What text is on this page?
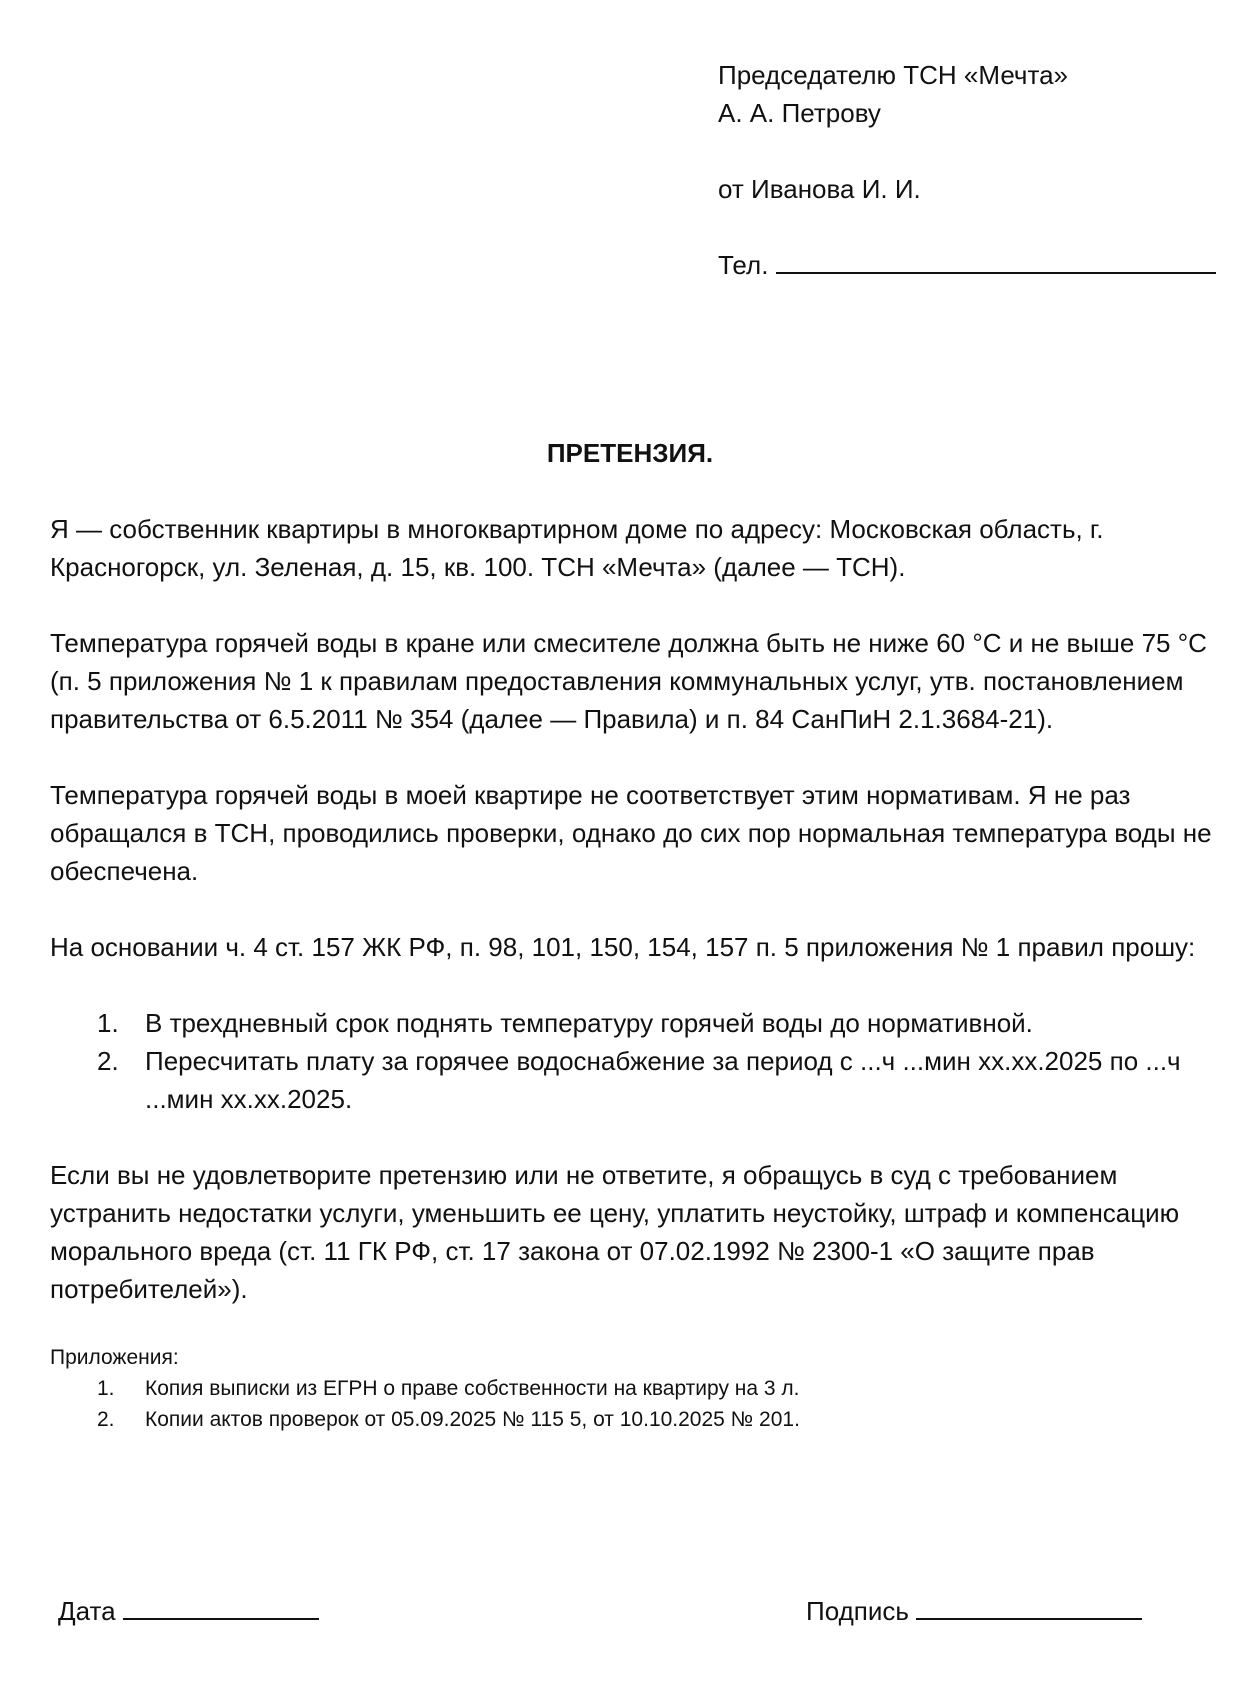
Председателю ТСН «Мечта»

А. А. Петрову

от Иванова И. И.

Тел.

ПРЕТЕНЗИЯ.

Я — собственник квартиры в многоквартирном доме по адресу: Московская область, г. Красногорск, ул. Зеленая, д. 15, кв. 100. ТСН «Мечта» (далее — ТСН).

Температура горячей воды в кране или смесителе должна быть не ниже 60 °C и не выше 75 °C (п. 5 приложения № 1 к правилам предоставления коммунальных услуг, утв. постановлением правительства от 6.5.2011 № 354 (далее — Правила) и п. 84 СанПиН 2.1.3684-21).

Температура горячей воды в моей квартире не соответствует этим нормативам. Я не раз обращался в ТСН, проводились проверки, однако до сих пор нормальная температура воды не обеспечена.

На основании ч. 4 ст. 157 ЖК РФ, п. 98, 101, 150, 154, 157 п. 5 приложения № 1 правил прошу:

1. В трехдневный срок поднять температуру горячей воды до нормативной.
2. Пересчитать плату за горячее водоснабжение за период с ...ч ...мин хх.хх.2025 по ...ч ...мин хх.хх.2025.

Если вы не удовлетворите претензию или не ответите, я обращусь в суд с требованием устранить недостатки услуги, уменьшить ее цену, уплатить неустойку, штраф и компенсацию морального вреда (ст. 11 ГК РФ, ст. 17 закона от 07.02.1992 № 2300-1 «О защите прав потребителей»).

Приложения:

1. Копия выписки из ЕГРН о праве собственности на квартиру на 3 л.
2. Копии актов проверок от 05.09.2025 № 115 5, от 10.10.2025 № 201.
Дата	Подпись
